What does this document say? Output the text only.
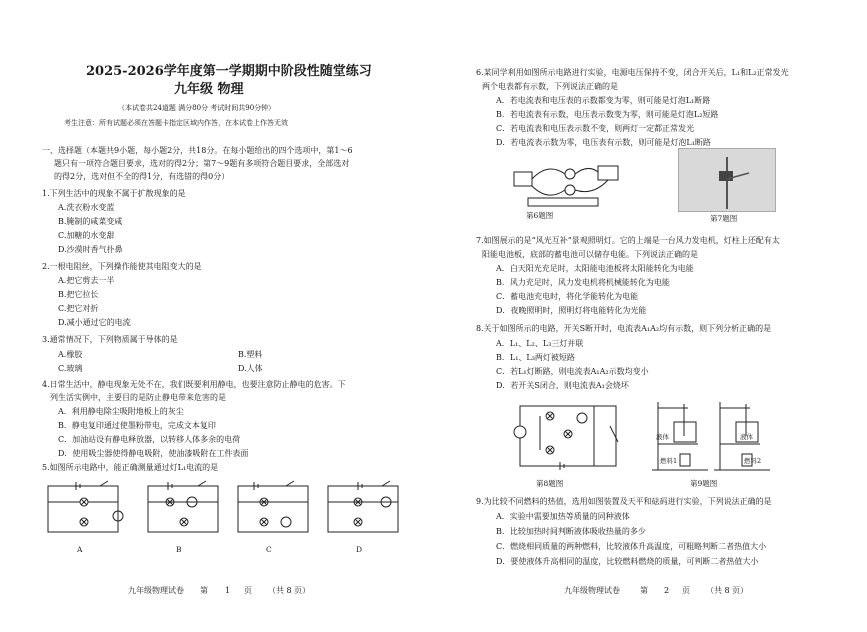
2025-2026学年度第一学期期中阶段性随堂练习
九年级 物理
（本试卷共24道题 满分80分 考试时间共90分钟）
考生注意：所有试题必须在答题卡指定区域内作答，在本试卷上作答无效
一、选择题（本题共9小题，每小题2分，共18分。在每小题给出的四个选项中，第1～6
题只有一项符合题目要求，选对的得2分；第7～9题有多项符合题目要求，全部选对
的得2分，选对但不全的得1分，有选错的得0分）
1.下列生活中的现象不属于扩散现象的是
A.洗衣粉水变蓝
B.腌制的咸菜变咸
C.加糖的水变甜
D.沙漠时香气扑鼻
2.一根电阻丝，下列操作能使其电阻变大的是
A.把它剪去一半
B.把它拉长
C.把它对折
D.减小通过它的电流
3.通常情况下，下列物质属于导体的是
A.橡胶	B.塑料
C.玻璃	D.人体
4.日常生活中，静电现象无处不在，我们既要利用静电，也要注意防止静电的危害。下
列生活实例中，主要目的是防止静电带来危害的是
A．利用静电除尘吸附地板上的灰尘
B．静电复印通过使墨粉带电，完成文本复印
C．加油站设有静电释放器，以转移人体多余的电荷
D．使用吸尘器使得静电吸附，使油漆吸附在工件表面
5.如图所示电路中，能正确测量通过灯L₁电流的是
A	B	C	D
九年级物理试卷 第 1 页 （共 8 页）
6.某同学利用如图所示电路进行实验，电源电压保持不变，闭合开关后，L₁和L₂正常发光
两个电表都有示数，下列说法正确的是
A．若电流表和电压表的示数都变为零，则可能是灯泡L₁断路
B．若电流表有示数，电压表示数变为零，则可能是灯泡L₂短路
C．若电流表和电压表示数不变，则两灯一定都正常发光
D．若电流表示数为零，电压表有示数，则可能是灯泡L₁断路
第6题图	第7题图
7.如图展示的是“风光互补”景观照明灯。它的上端是一台风力发电机，灯柱上还配有太
阳能电池板，底部的蓄电池可以储存电能。下列说法正确的是
A．白天阳光充足时，太阳能电池板将太阳能转化为电能
B．风力充足时，风力发电机将机械能转化为电能
C．蓄电池充电时，将化学能转化为电能
D．夜晚照明时，照明灯将电能转化为光能
8.关于如图所示的电路，开关S断开时，电流表A₁A₂均有示数，则下列分析正确的是
A．L₁、L₂、L₃三灯并联
B．L₁、L₃两灯被短路
C．若L₁灯断路，则电流表A₁A₂示数均变小
D．若开关S闭合，则电流表A₁会烧坏
第8题图
液体
燃料1
液体
燃料2
第9题图
9.为比较不同燃料的热值，选用如图装置及天平和砝码进行实验，下列说法正确的是
A．实验中需要加热等质量的同种液体
B．比较加热时间判断液体吸收热量的多少
C．燃烧相同质量的两种燃料，比较液体升高温度，可粗略判断二者热值大小
D．要使液体升高相同的温度，比较燃料燃烧的质量，可判断二者热值大小
九年级物理试卷	第 2 页 （共 8 页）
